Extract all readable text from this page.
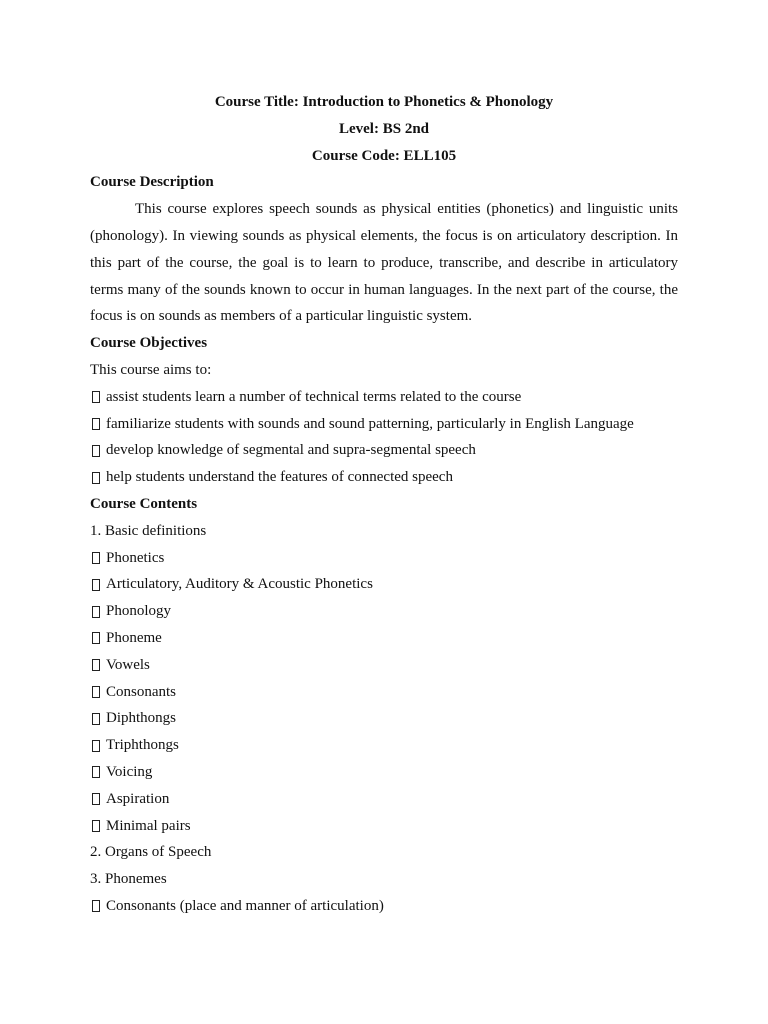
Course Title: Introduction to Phonetics & Phonology
Level: BS 2nd
Course Code: ELL105
Course Description

This course explores speech sounds as physical entities (phonetics) and linguistic units (phonology). In viewing sounds as physical elements, the focus is on articulatory description. In this part of the course, the goal is to learn to produce, transcribe, and describe in articulatory terms many of the sounds known to occur in human languages. In the next part of the course, the focus is on sounds as members of a particular linguistic system.

Course Objectives
This course aims to:
assist students learn a number of technical terms related to the course
familiarize students with sounds and sound patterning, particularly in English Language
develop knowledge of segmental and supra-segmental speech
help students understand the features of connected speech
Course Contents
1. Basic definitions
Phonetics
Articulatory, Auditory & Acoustic Phonetics
Phonology
Phoneme
Vowels
Consonants
Diphthongs
Triphthongs
Voicing
Aspiration
Minimal pairs
2. Organs of Speech
3. Phonemes
Consonants (place and manner of articulation)
